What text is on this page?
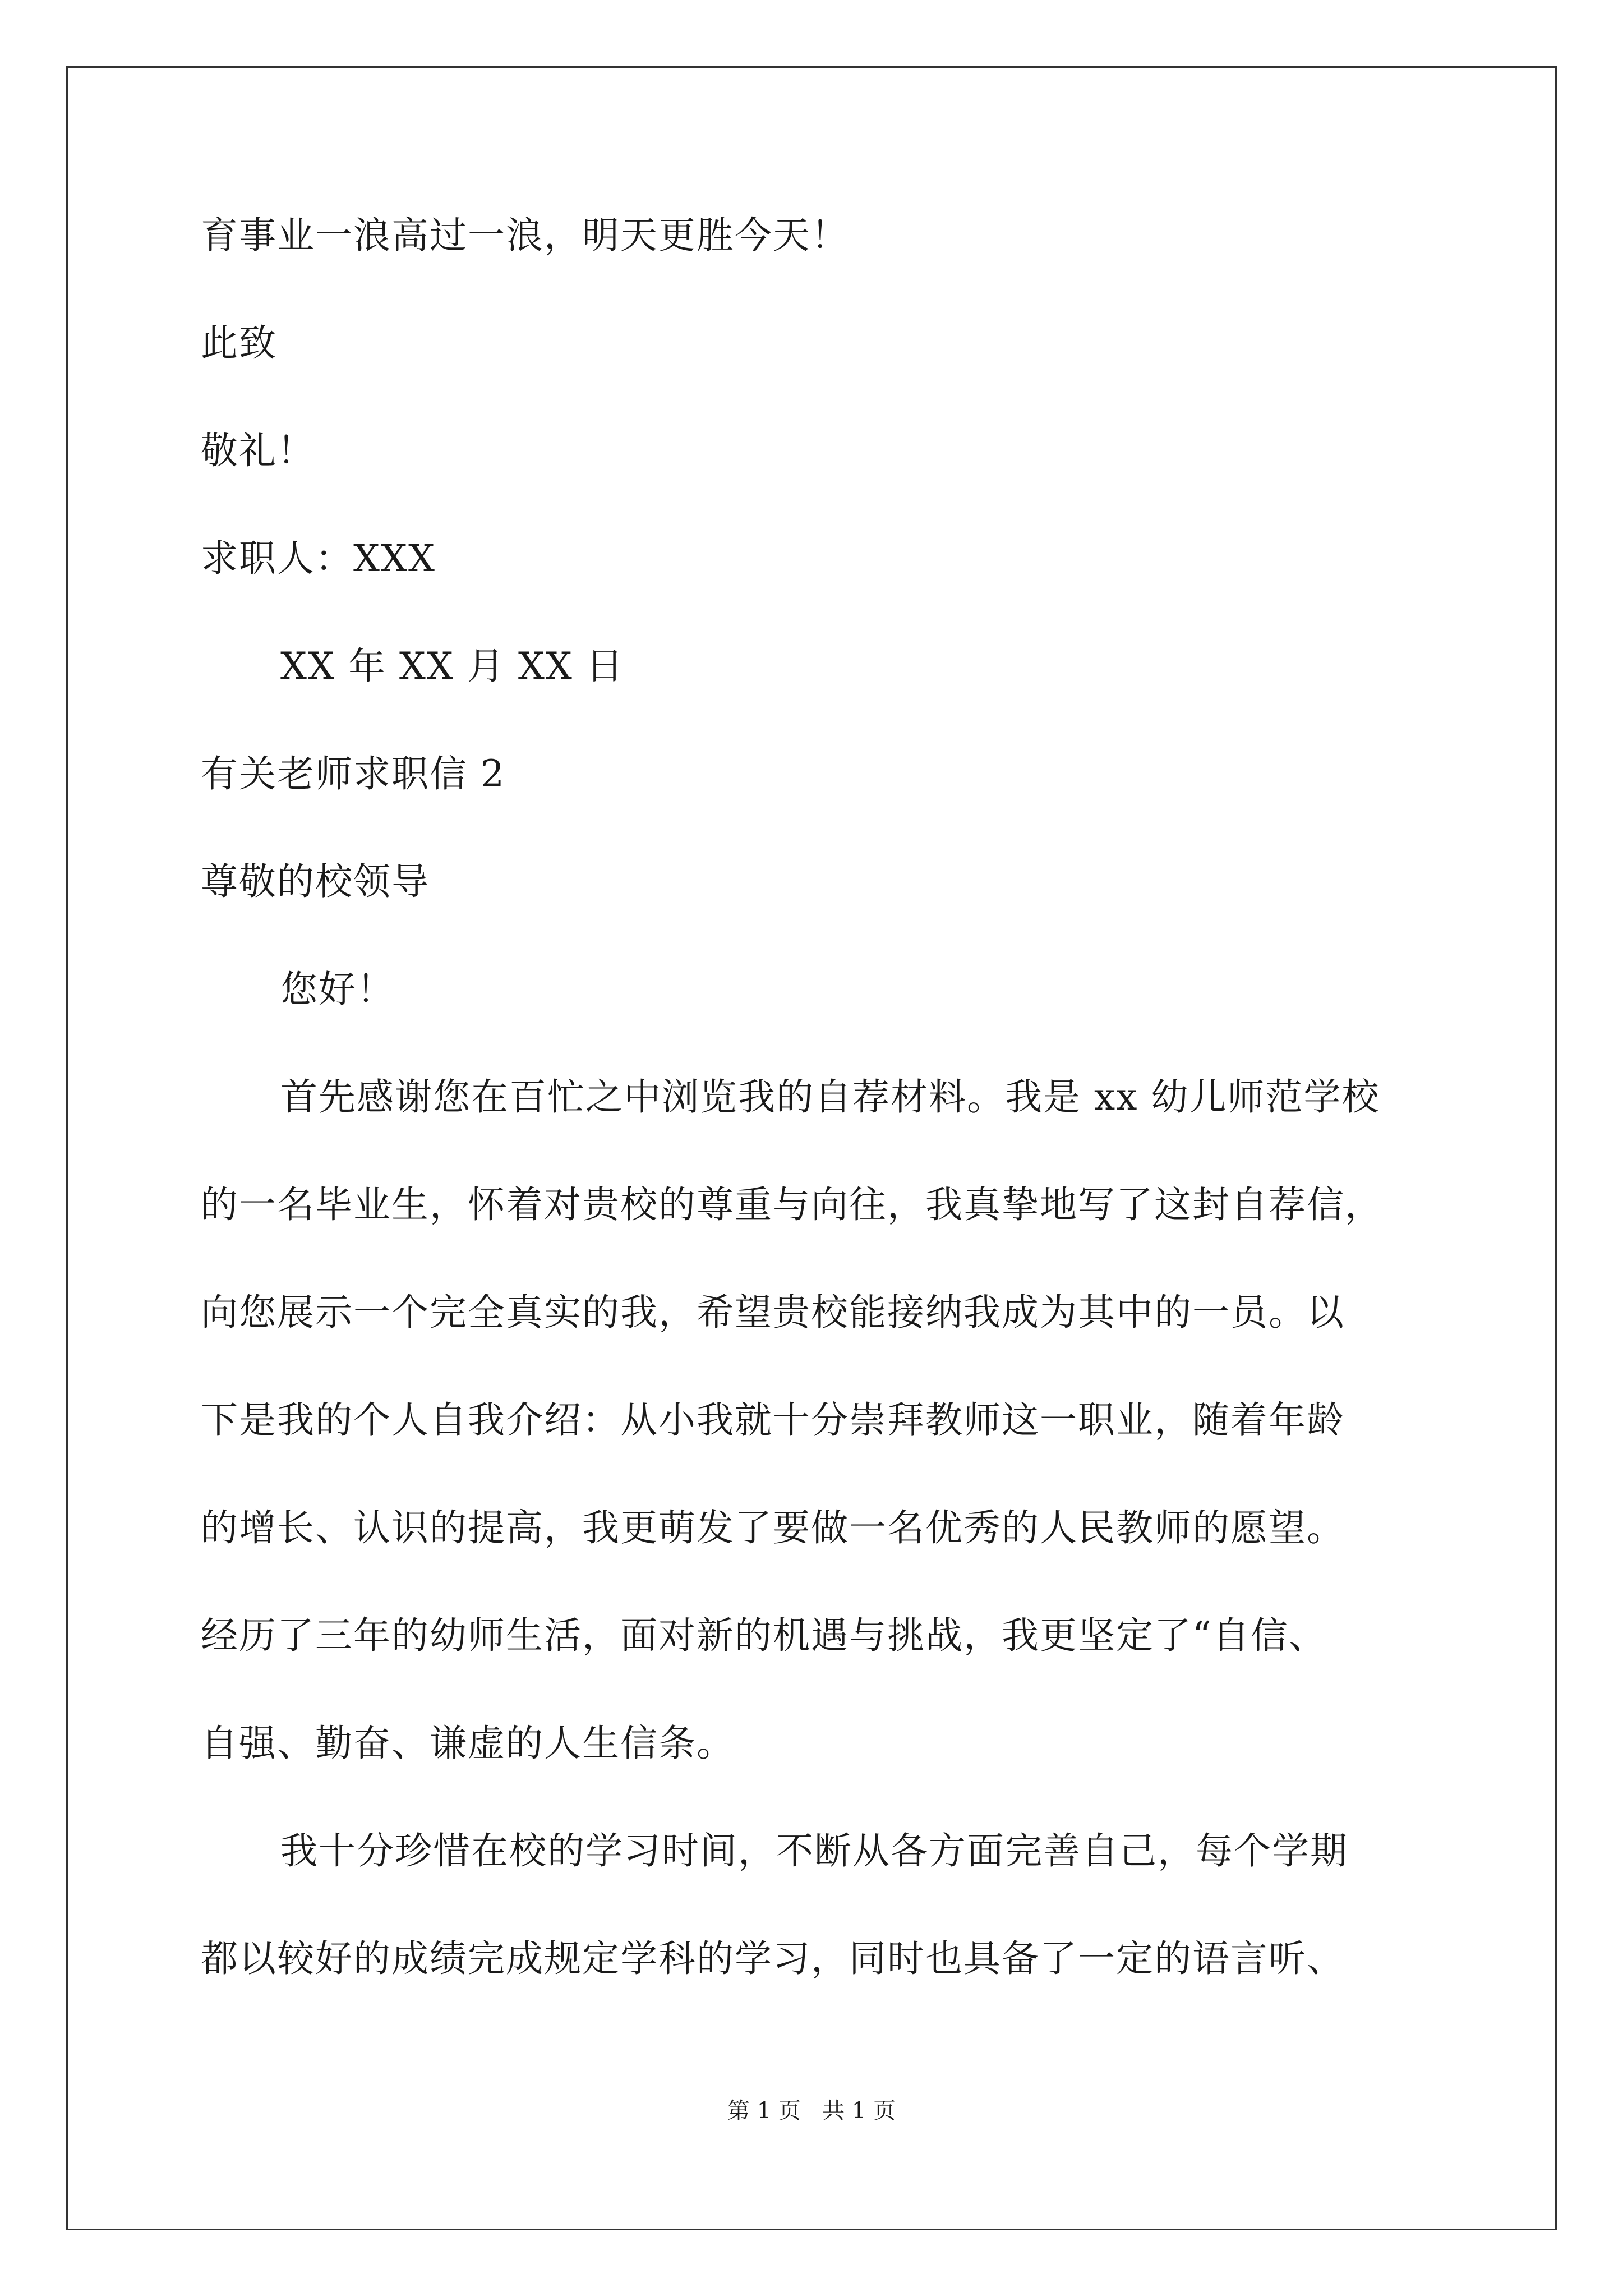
育事业一浪高过一浪，明天更胜今天！
此致
敬礼！
求职人：XXX
XX 年 XX 月 XX 日
有关老师求职信 2
尊敬的校领导
您好！
首先感谢您在百忙之中浏览我的自荐材料。我是 xx 幼儿师范学校
的一名毕业生，怀着对贵校的尊重与向往，我真挚地写了这封自荐信，
向您展示一个完全真实的我，希望贵校能接纳我成为其中的一员。以
下是我的个人自我介绍：从小我就十分崇拜教师这一职业，随着年龄
的增长、认识的提高，我更萌发了要做一名优秀的人民教师的愿望。
经历了三年的幼师生活，面对新的机遇与挑战，我更坚定了“自信、
自强、勤奋、谦虚的人生信条。
我十分珍惜在校的学习时间，不断从各方面完善自己，每个学期
都以较好的成绩完成规定学科的学习，同时也具备了一定的语言听、
第 1 页   共 1 页
